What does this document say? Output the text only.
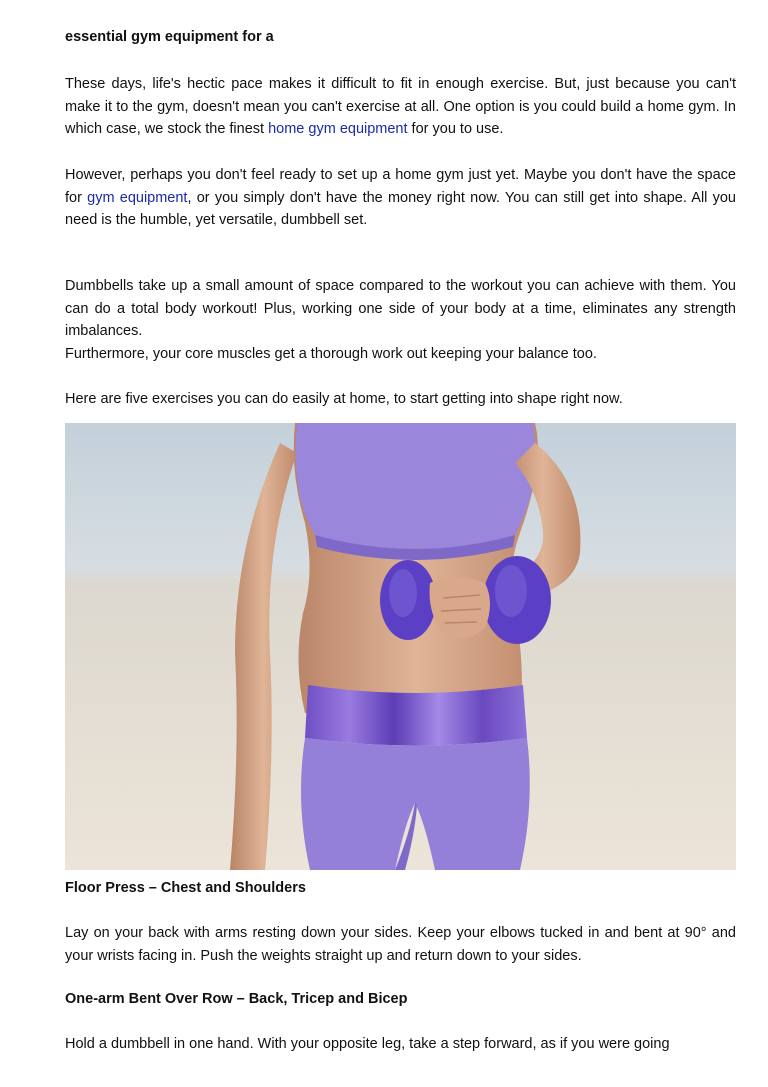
essential gym equipment for a

These days, life's hectic pace makes it difficult to fit in enough exercise. But, just because you can't make it to the gym, doesn't mean you can't exercise at all. One option is you could build a home gym. In which case, we stock the finest home gym equipment for you to use.

However, perhaps you don't feel ready to set up a home gym just yet. Maybe you don't have the space for gym equipment, or you simply don't have the money right now. You can still get into shape. All you need is the humble, yet versatile, dumbbell set.

Dumbbells take up a small amount of space compared to the workout you can achieve with them. You can do a total body workout! Plus, working one side of your body at a time, eliminates any strength imbalances.
Furthermore, your core muscles get a thorough work out keeping your balance too.

Here are five exercises you can do easily at home, to start getting into shape right now.

Floor Press – Chest and Shoulders

Lay on your back with arms resting down your sides. Keep your elbows tucked in and bent at 90° and your wrists facing in. Push the weights straight up and return down to your sides.

One-arm Bent Over Row – Back, Tricep and Bicep

Hold a dumbbell in one hand. With your opposite leg, take a step forward, as if you were going
